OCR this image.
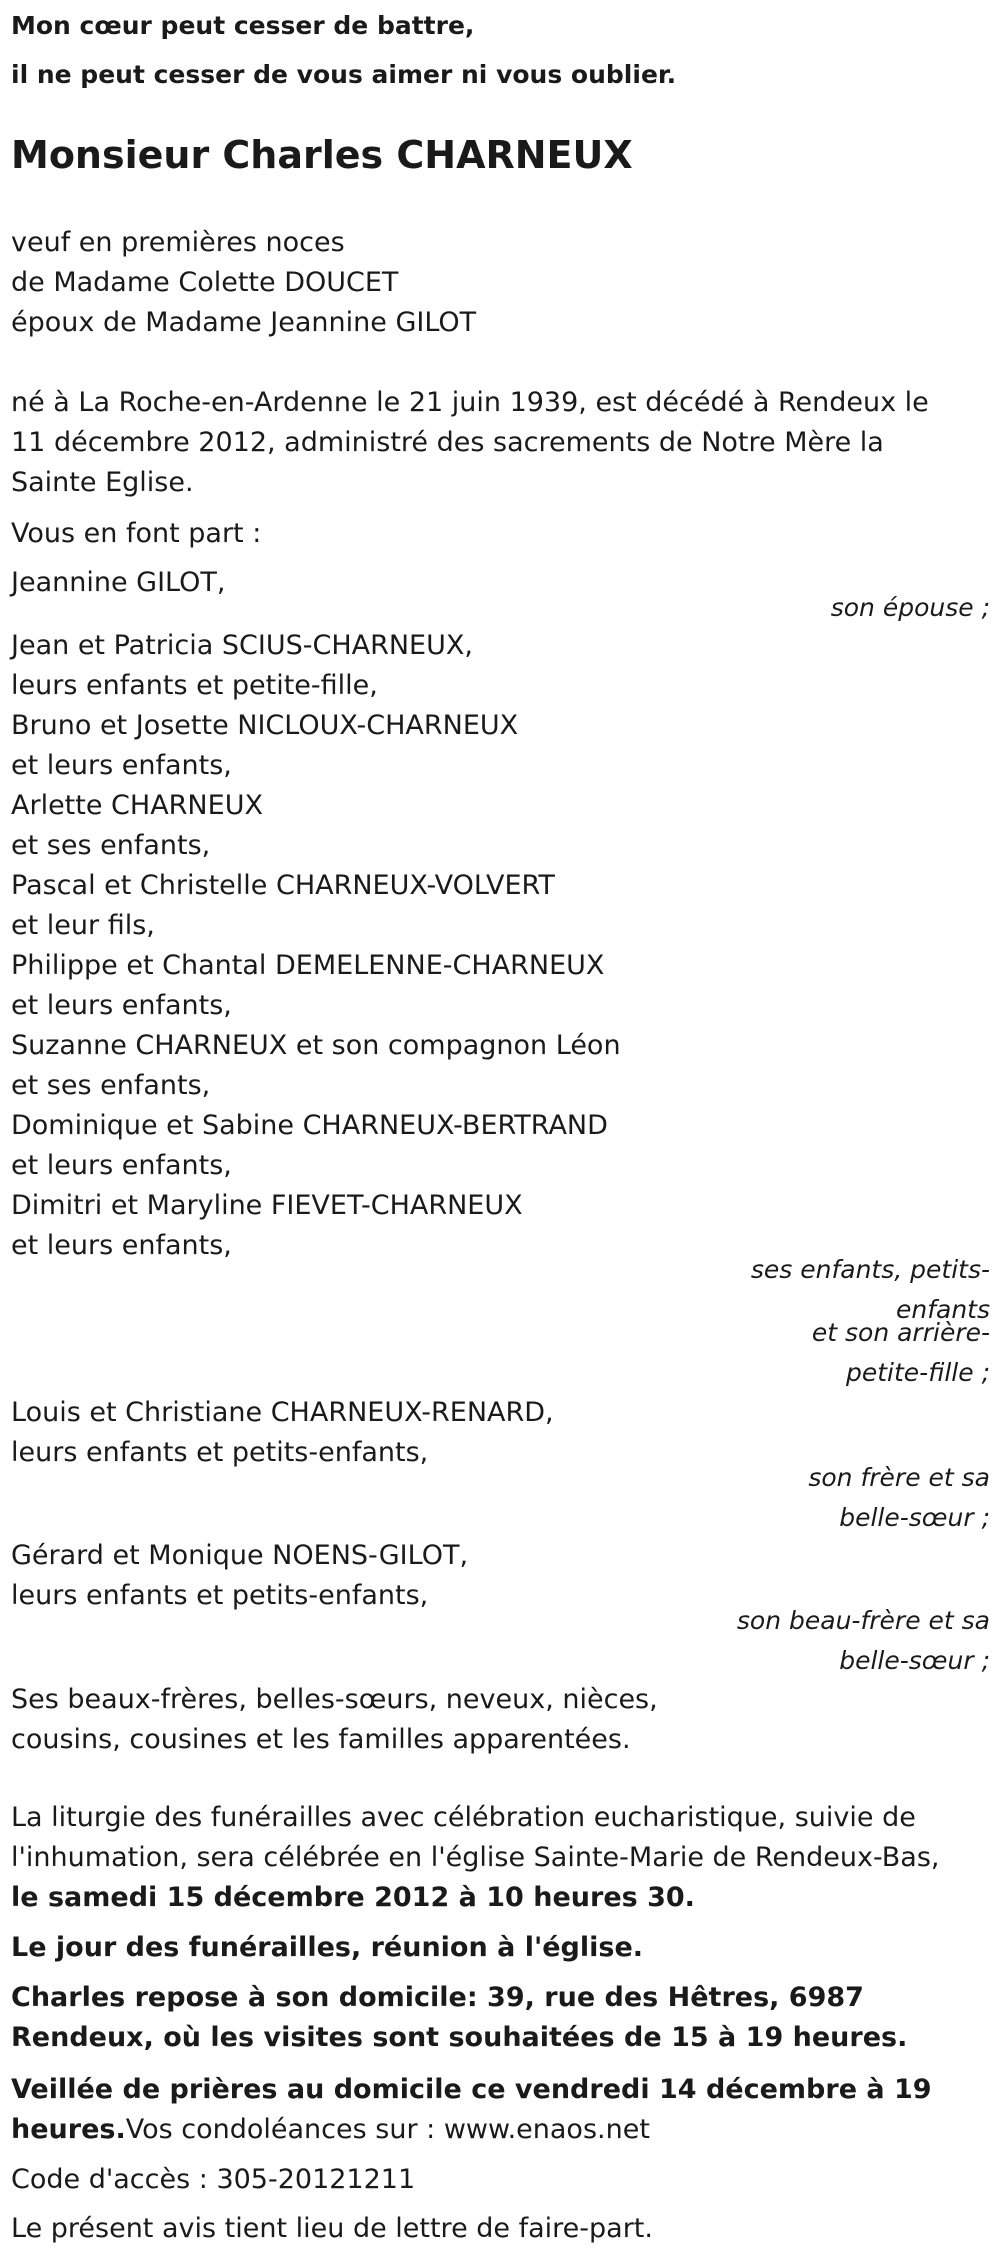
Mon cœur peut cesser de battre,

il ne peut cesser de vous aimer ni vous oublier.

Monsieur Charles CHARNEUX

veuf en premières noces

de Madame Colette DOUCET

époux de Madame Jeannine GILOT

né à La Roche-en-Ardenne le 21 juin 1939, est décédé à Rendeux le 11 décembre 2012, administré des sacrements de Notre Mère la Sainte Eglise.

Vous en font part :

Jeannine GILOT,

son épouse ;

Jean et Patricia SCIUS-CHARNEUX,

leurs enfants et petite-fille,

Bruno et Josette NICLOUX-CHARNEUX

et leurs enfants,

Arlette CHARNEUX

et ses enfants,

Pascal et Christelle CHARNEUX-VOLVERT

et leur fils,

Philippe et Chantal DEMELENNE-CHARNEUX

et leurs enfants,

Suzanne CHARNEUX et son compagnon Léon

et ses enfants,

Dominique et Sabine CHARNEUX-BERTRAND

et leurs enfants,

Dimitri et Maryline FIEVET-CHARNEUX

et leurs enfants,

ses enfants, petits-enfants

et son arrière-petite-fille ;

Louis et Christiane CHARNEUX-RENARD,

leurs enfants et petits-enfants,

son frère et sa belle-sœur ;

Gérard et Monique NOENS-GILOT,

leurs enfants et petits-enfants,

son beau-frère et sa belle-sœur ;

Ses beaux-frères, belles-sœurs, neveux, nièces, cousins, cousines et les familles apparentées.

La liturgie des funérailles avec célébration eucharistique, suivie de l'inhumation, sera célébrée en l'église Sainte-Marie de Rendeux-Bas, le samedi 15 décembre 2012 à 10 heures 30.

Le jour des funérailles, réunion à l'église.

Charles repose à son domicile: 39, rue des Hêtres, 6987 Rendeux, où les visites sont souhaitées de 15 à 19 heures.

Veillée de prières au domicile ce vendredi 14 décembre à 19 heures.Vos condoléances sur : www.enaos.net

Code d'accès : 305-20121211

Le présent avis tient lieu de lettre de faire-part.
